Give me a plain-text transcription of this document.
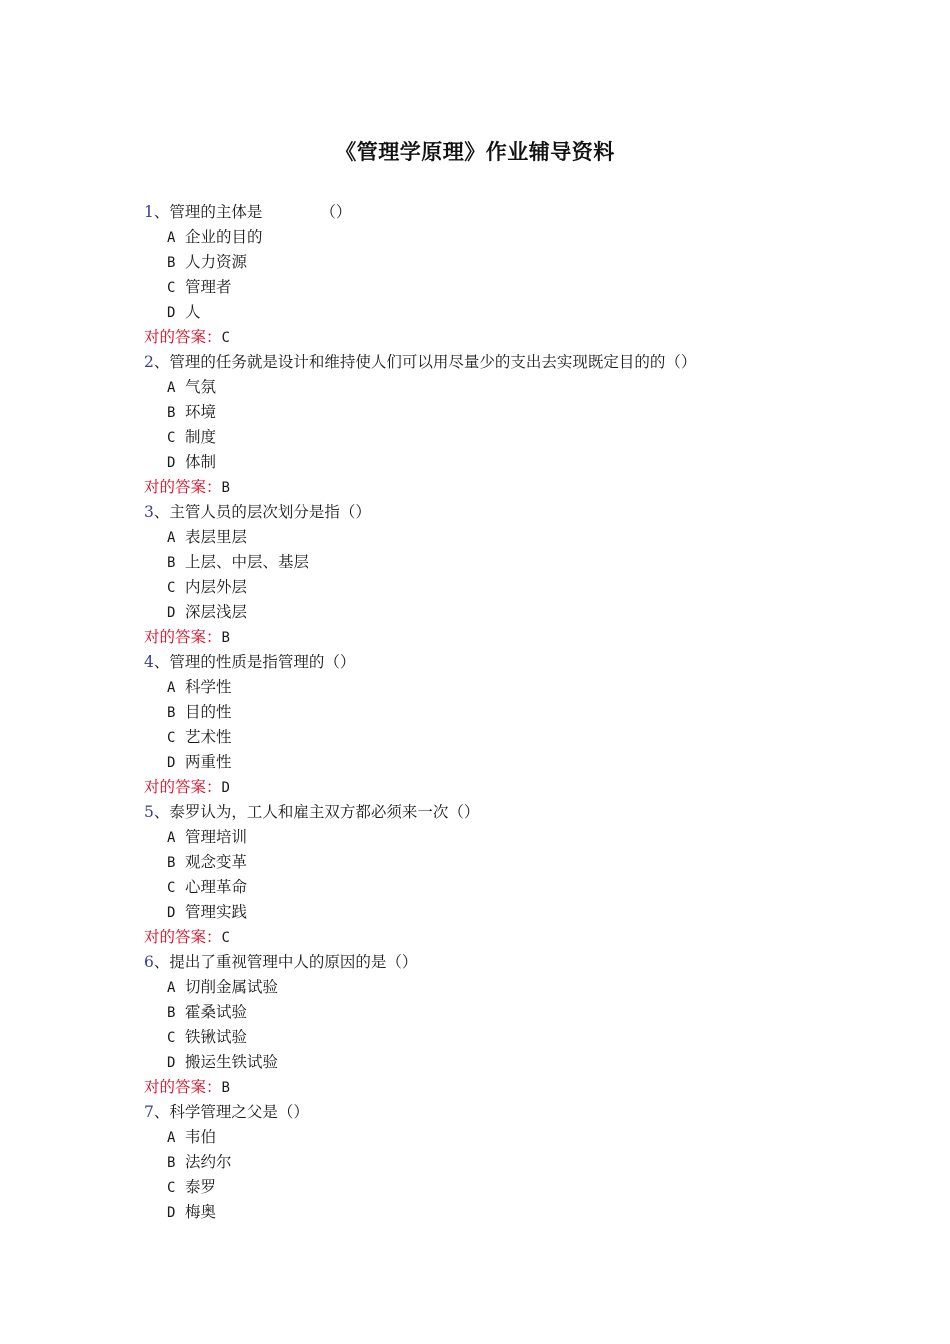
《管理学原理》作业辅导资料
1、管理的主体是	（）
A 企业的目的
B 人力资源
C 管理者
D 人
对的答案：C
2、管理的任务就是设计和维持使人们可以用尽量少的支出去实现既定目的的（）
A 气氛
B 环境
C 制度
D 体制
对的答案：B
3、主管人员的层次划分是指（）
A 表层里层
B 上层、中层、基层
C 内层外层
D 深层浅层
对的答案：B
4、管理的性质是指管理的（）
A 科学性
B 目的性
C 艺术性
D 两重性
对的答案：D
5、泰罗认为，工人和雇主双方都必须来一次（）
A 管理培训
B 观念变革
C 心理革命
D 管理实践
对的答案：C
6、提出了重视管理中人的原因的是（）
A 切削金属试验
B 霍桑试验
C 铁锹试验
D 搬运生铁试验
对的答案：B
7、科学管理之父是（）
A 韦伯
B 法约尔
C 泰罗
D 梅奥
